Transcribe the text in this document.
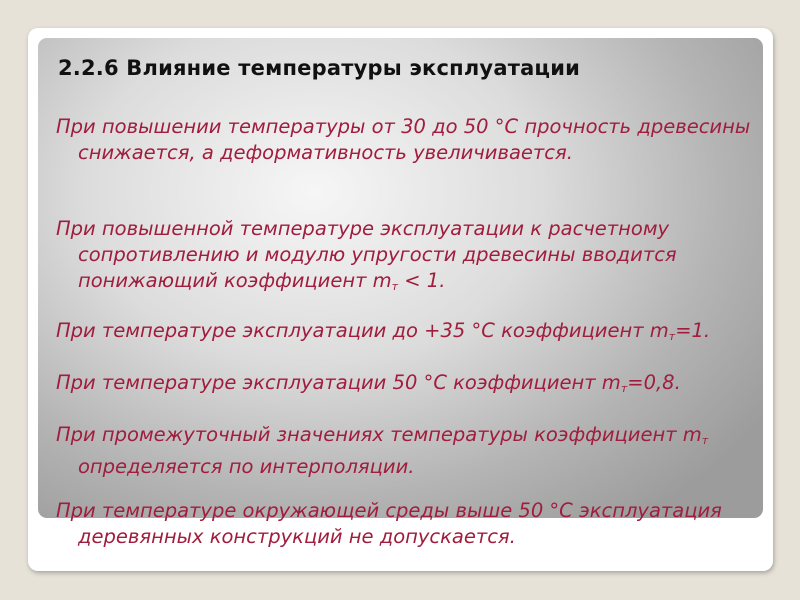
2.2.6 Влияние температуры эксплуатации

При повышении температуры от 30 до 50 °С прочность древесины снижается, а деформативность увеличивается.

При повышенной температуре эксплуатации к расчетному сопротивлению и модулю упругости древесины вводится понижающий коэффициент $m_т < 1$.

При температуре эксплуатации до +35 °С коэффициент $m_т=1$.

При температуре эксплуатации 50 °С коэффициент $m_т=0,8$.

При промежуточный значениях температуры коэффициент $m_т$ определяется по интерполяции.

При температуре окружающей среды выше 50 °С эксплуатация деревянных конструкций не допускается.
